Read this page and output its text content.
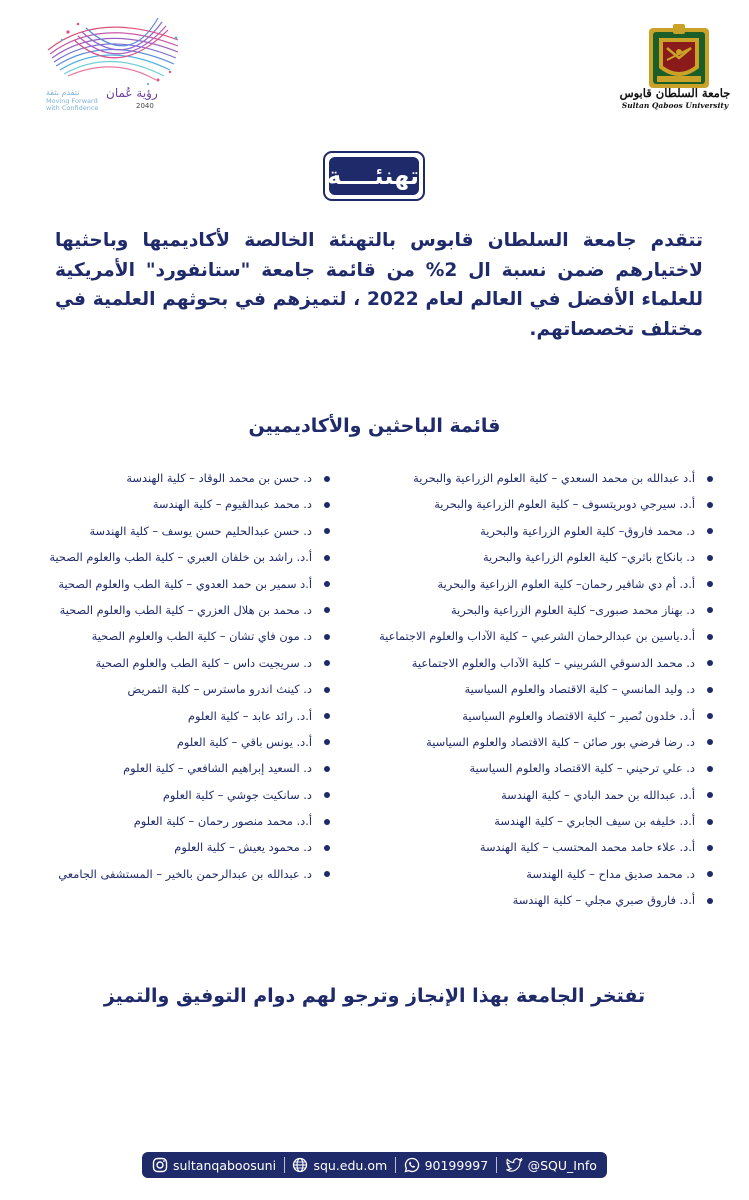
رؤية عُمان
2040
نتقدم بثقة
Moving Forward
with Confidence
جامعة السلطان قابوس
Sultan Qaboos University
تهنئــــة
تتقدم جامعة السلطان قابوس بالتهنئة الخالصة لأكاديميها وباحثيها لاختيارهم ضمن نسبة ال 2% من قائمة جامعة "ستانفورد" الأمريكية للعلماء الأفضل في العالم لعام 2022 ، لتميزهم في بحوثهم العلمية في مختلف تخصصاتهم.
قائمة الباحثين والأكاديميين
أ.د عبدالله بن محمد السعدي – كلية العلوم الزراعية والبحرية
أ.د. سيرجي دوبريتسوف – كلية العلوم الزراعية والبحرية
د. محمد فاروق– كلية العلوم الزراعية والبحرية
د. بانكاج باثري– كلية العلوم الزراعية والبحرية
أ.د. أم دي شافير رحمان– كلية العلوم الزراعية والبحرية
د. بهناز محمد صبوری– كلية العلوم الزراعية والبحرية
أ.د.ياسين بن عبدالرحمان الشرعبي – كلية الآداب والعلوم الاجتماعية
د. محمد الدسوقي الشربيني – كلية الآداب والعلوم الاجتماعية
د. وليد المانسي – كلية الاقتصاد والعلوم السياسية
أ.د. خلدون نُصير – كلية الاقتصاد والعلوم السياسية
د. رضا فرضي بور صائن – كلية الاقتصاد والعلوم السياسية
د. علي ترحيني – كلية الاقتصاد والعلوم السياسية
أ.د. عبدالله بن حمد البادي – كلية الهندسة
أ.د. خليفه بن سيف الجابري – كلية الهندسة
أ.د. علاء حامد محمد المحتسب – كلية الهندسة
د. محمد صديق مداح – كلية الهندسة
أ.د. فاروق صبري مجلي – كلية الهندسة
د. حسن بن محمد الوقاد – كلية الهندسة
د. محمد عبدالقيوم – كلية الهندسة
د. حسن عبدالحليم حسن يوسف – كلية الهندسة
أ.د. راشد بن خلفان العبري – كلية الطب والعلوم الصحية
أ.د سمير بن حمد العدوي – كلية الطب والعلوم الصحية
د. محمد بن هلال العزري – كلية الطب والعلوم الصحية
د. مون فاي تشان – كلية الطب والعلوم الصحية
د. سريجيت داس – كلية الطب والعلوم الصحية
د. كينث اندرو ماسترس – كلية التمريض
أ.د. رائد عابد – كلية العلوم
أ.د. يونس باقي – كلية العلوم
د. السعيد إبراهيم الشافعي – كلية العلوم
د. سانكيت جوشي – كلية العلوم
أ.د. محمد منصور رحمان – كلية العلوم
د. محمود يعيش – كلية العلوم
د. عبدالله بن عبدالرحمن بالخير – المستشفى الجامعي
تفتخر الجامعة بهذا الإنجاز وترجو لهم دوام التوفيق والتميز
sultanqaboosuni	squ.edu.om	90199997	@SQU_Info
